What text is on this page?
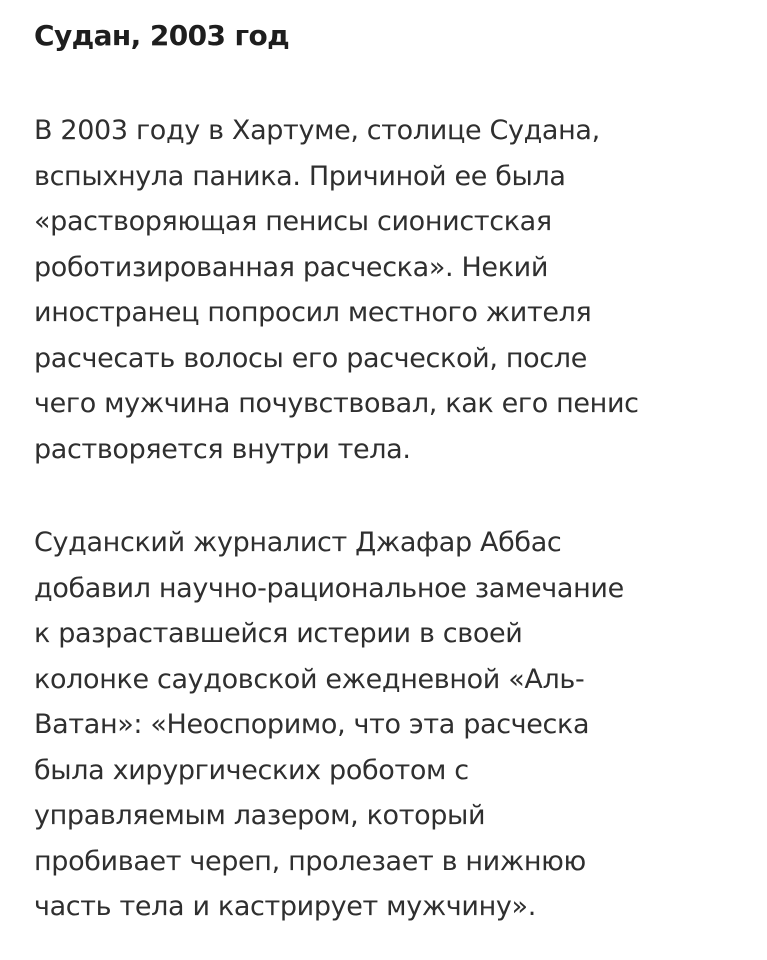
Судан, 2003 год

В 2003 году в Хартуме, столице Судана,
вспыхнула паника. Причиной ее была
«растворяющая пенисы сионистская
роботизированная расческа». Некий
иностранец попросил местного жителя
расчесать волосы его расческой, после
чего мужчина почувствовал, как его пенис
растворяется внутри тела.

Суданский журналист Джафар Аббас
добавил научно-рациональное замечание
к разраставшейся истерии в своей
колонке саудовской ежедневной «Аль-
Ватан»: «Неоспоримо, что эта расческа
была хирургических роботом с
управляемым лазером, который
пробивает череп, пролезает в нижнюю
часть тела и кастрирует мужчину».
